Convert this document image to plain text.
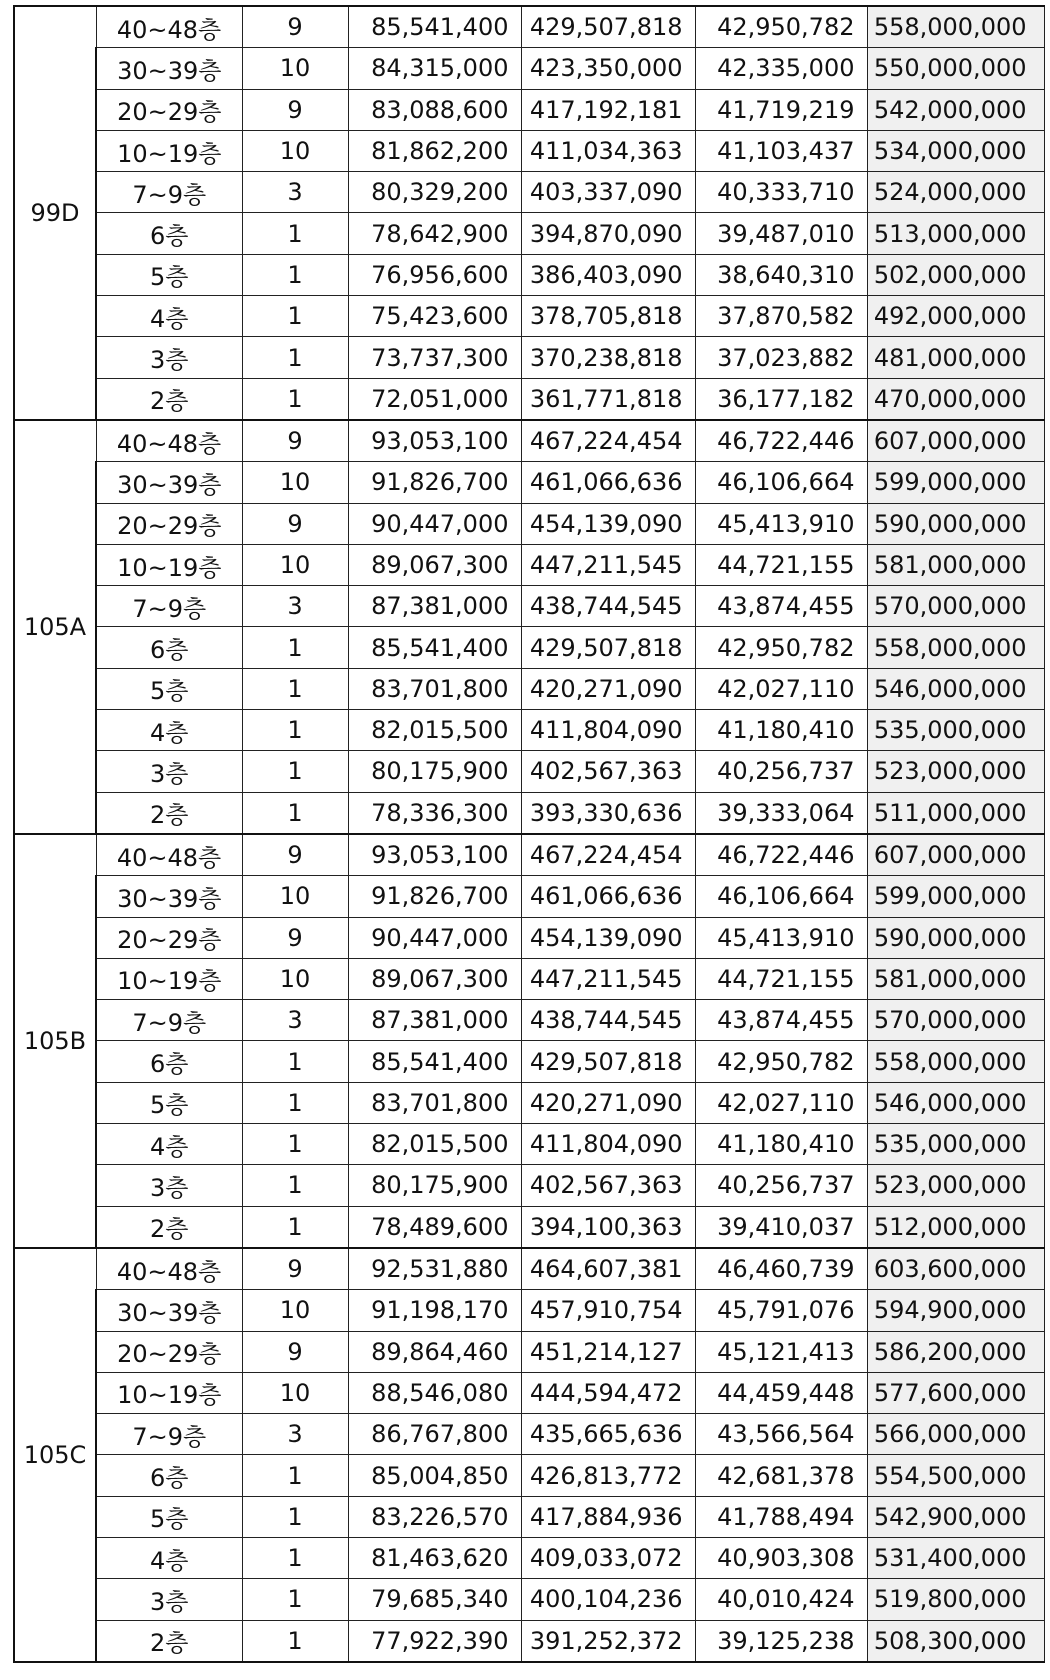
99D	40~48층	9	85,541,400	429,507,818	42,950,782	558,000,000
	30~39층	10	84,315,000	423,350,000	42,335,000	550,000,000
	20~29층	9	83,088,600	417,192,181	41,719,219	542,000,000
	10~19층	10	81,862,200	411,034,363	41,103,437	534,000,000
	7~9층	3	80,329,200	403,337,090	40,333,710	524,000,000
	6층	1	78,642,900	394,870,090	39,487,010	513,000,000
	5층	1	76,956,600	386,403,090	38,640,310	502,000,000
	4층	1	75,423,600	378,705,818	37,870,582	492,000,000
	3층	1	73,737,300	370,238,818	37,023,882	481,000,000
	2층	1	72,051,000	361,771,818	36,177,182	470,000,000
105A	40~48층	9	93,053,100	467,224,454	46,722,446	607,000,000
	30~39층	10	91,826,700	461,066,636	46,106,664	599,000,000
	20~29층	9	90,447,000	454,139,090	45,413,910	590,000,000
	10~19층	10	89,067,300	447,211,545	44,721,155	581,000,000
	7~9층	3	87,381,000	438,744,545	43,874,455	570,000,000
	6층	1	85,541,400	429,507,818	42,950,782	558,000,000
	5층	1	83,701,800	420,271,090	42,027,110	546,000,000
	4층	1	82,015,500	411,804,090	41,180,410	535,000,000
	3층	1	80,175,900	402,567,363	40,256,737	523,000,000
	2층	1	78,336,300	393,330,636	39,333,064	511,000,000
105B	40~48층	9	93,053,100	467,224,454	46,722,446	607,000,000
	30~39층	10	91,826,700	461,066,636	46,106,664	599,000,000
	20~29층	9	90,447,000	454,139,090	45,413,910	590,000,000
	10~19층	10	89,067,300	447,211,545	44,721,155	581,000,000
	7~9층	3	87,381,000	438,744,545	43,874,455	570,000,000
	6층	1	85,541,400	429,507,818	42,950,782	558,000,000
	5층	1	83,701,800	420,271,090	42,027,110	546,000,000
	4층	1	82,015,500	411,804,090	41,180,410	535,000,000
	3층	1	80,175,900	402,567,363	40,256,737	523,000,000
	2층	1	78,489,600	394,100,363	39,410,037	512,000,000
105C	40~48층	9	92,531,880	464,607,381	46,460,739	603,600,000
	30~39층	10	91,198,170	457,910,754	45,791,076	594,900,000
	20~29층	9	89,864,460	451,214,127	45,121,413	586,200,000
	10~19층	10	88,546,080	444,594,472	44,459,448	577,600,000
	7~9층	3	86,767,800	435,665,636	43,566,564	566,000,000
	6층	1	85,004,850	426,813,772	42,681,378	554,500,000
	5층	1	83,226,570	417,884,936	41,788,494	542,900,000
	4층	1	81,463,620	409,033,072	40,903,308	531,400,000
	3층	1	79,685,340	400,104,236	40,010,424	519,800,000
	2층	1	77,922,390	391,252,372	39,125,238	508,300,000
